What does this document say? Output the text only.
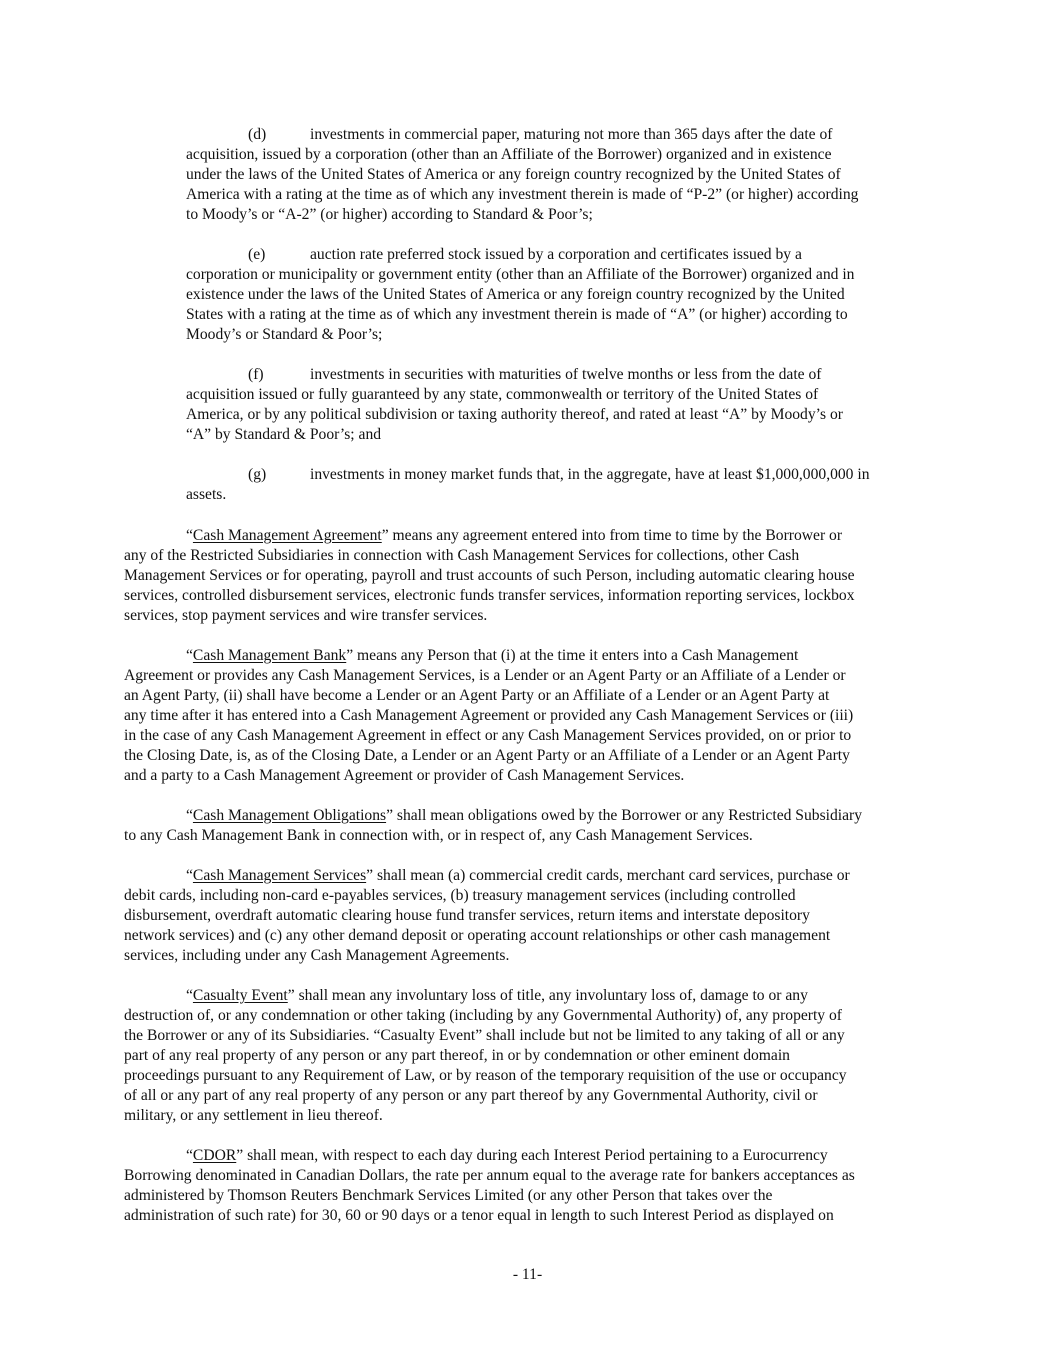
(d)	investments in commercial paper, maturing not more than 365 days after the date of
acquisition, issued by a corporation (other than an Affiliate of the Borrower) organized and in existence
under the laws of the United States of America or any foreign country recognized by the United States of
America with a rating at the time as of which any investment therein is made of “P-2” (or higher) according
to Moody’s or “A-2” (or higher) according to Standard & Poor’s;
(e)	auction rate preferred stock issued by a corporation and certificates issued by a
corporation or municipality or government entity (other than an Affiliate of the Borrower) organized and in
existence under the laws of the United States of America or any foreign country recognized by the United
States with a rating at the time as of which any investment therein is made of “A” (or higher) according to
Moody’s or Standard & Poor’s;
(f)	investments in securities with maturities of twelve months or less from the date of
acquisition issued or fully guaranteed by any state, commonwealth or territory of the United States of
America, or by any political subdivision or taxing authority thereof, and rated at least “A” by Moody’s or
“A” by Standard & Poor’s; and
(g)	investments in money market funds that, in the aggregate, have at least $1,000,000,000 in
assets.
“Cash Management Agreement” means any agreement entered into from time to time by the Borrower or
any of the Restricted Subsidiaries in connection with Cash Management Services for collections, other Cash
Management Services or for operating, payroll and trust accounts of such Person, including automatic clearing house
services, controlled disbursement services, electronic funds transfer services, information reporting services, lockbox
services, stop payment services and wire transfer services.
“Cash Management Bank” means any Person that (i) at the time it enters into a Cash Management
Agreement or provides any Cash Management Services, is a Lender or an Agent Party or an Affiliate of a Lender or
an Agent Party, (ii) shall have become a Lender or an Agent Party or an Affiliate of a Lender or an Agent Party at
any time after it has entered into a Cash Management Agreement or provided any Cash Management Services or (iii)
in the case of any Cash Management Agreement in effect or any Cash Management Services provided, on or prior to
the Closing Date, is, as of the Closing Date, a Lender or an Agent Party or an Affiliate of a Lender or an Agent Party
and a party to a Cash Management Agreement or provider of Cash Management Services.
“Cash Management Obligations” shall mean obligations owed by the Borrower or any Restricted Subsidiary
to any Cash Management Bank in connection with, or in respect of, any Cash Management Services.
“Cash Management Services” shall mean (a) commercial credit cards, merchant card services, purchase or
debit cards, including non-card e-payables services, (b) treasury management services (including controlled
disbursement, overdraft automatic clearing house fund transfer services, return items and interstate depository
network services) and (c) any other demand deposit or operating account relationships or other cash management
services, including under any Cash Management Agreements.
“Casualty Event” shall mean any involuntary loss of title, any involuntary loss of, damage to or any
destruction of, or any condemnation or other taking (including by any Governmental Authority) of, any property of
the Borrower or any of its Subsidiaries. “Casualty Event” shall include but not be limited to any taking of all or any
part of any real property of any person or any part thereof, in or by condemnation or other eminent domain
proceedings pursuant to any Requirement of Law, or by reason of the temporary requisition of the use or occupancy
of all or any part of any real property of any person or any part thereof by any Governmental Authority, civil or
military, or any settlement in lieu thereof.
“CDOR” shall mean, with respect to each day during each Interest Period pertaining to a Eurocurrency
Borrowing denominated in Canadian Dollars, the rate per annum equal to the average rate for bankers acceptances as
administered by Thomson Reuters Benchmark Services Limited (or any other Person that takes over the
administration of such rate) for 30, 60 or 90 days or a tenor equal in length to such Interest Period as displayed on
- 11-
